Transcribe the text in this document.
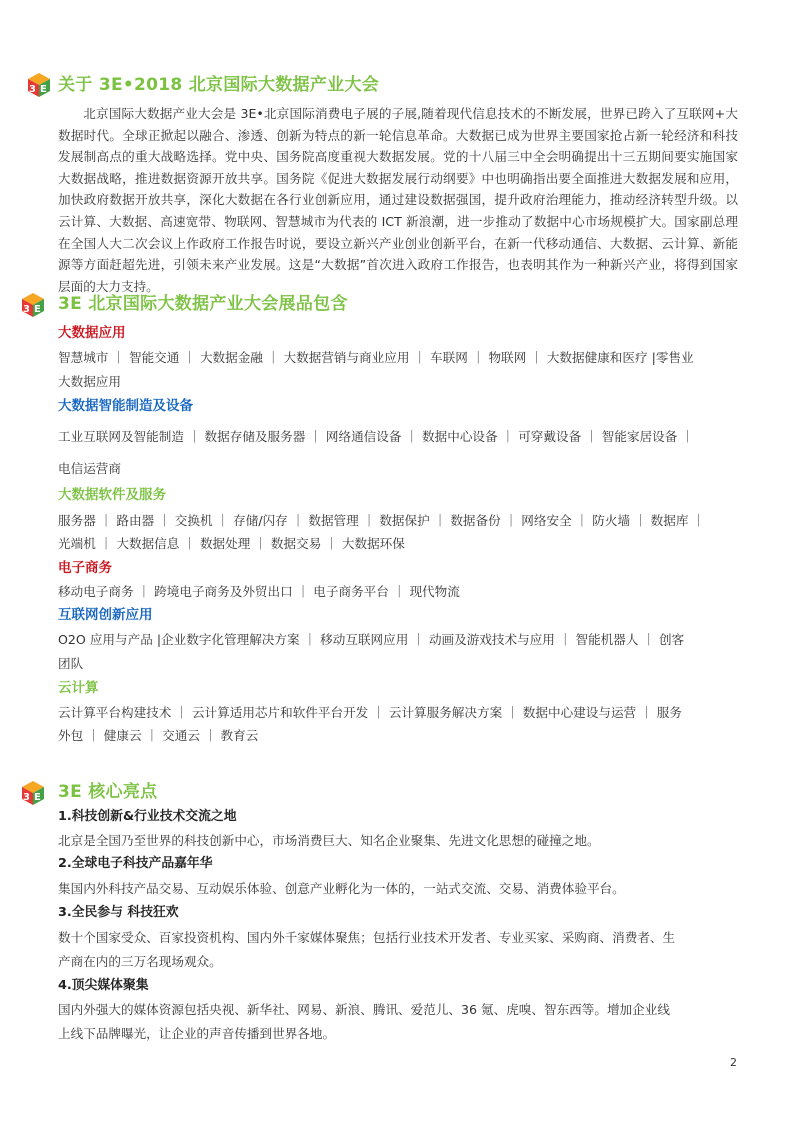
3 E 关于 3E•2018 北京国际大数据产业大会
北京国际大数据产业大会是 3E•北京国际消费电子展的子展,随着现代信息技术的不断发展，世界已跨入了互联网+大数据时代。全球正掀起以融合、渗透、创新为特点的新一轮信息革命。大数据已成为世界主要国家抢占新一轮经济和科技发展制高点的重大战略选择。党中央、国务院高度重视大数据发展。党的十八届三中全会明确提出十三五期间要实施国家大数据战略，推进数据资源开放共享。国务院《促进大数据发展行动纲要》中也明确指出要全面推进大数据发展和应用，加快政府数据开放共享，深化大数据在各行业创新应用，通过建设数据强国，提升政府治理能力，推动经济转型升级。以云计算、大数据、高速宽带、物联网、智慧城市为代表的 ICT 新浪潮，进一步推动了数据中心市场规模扩大。国家副总理在全国人大二次会议上作政府工作报告时说，要设立新兴产业创业创新平台，在新一代移动通信、大数据、云计算、新能源等方面赶超先进，引领未来产业发展。这是“大数据”首次进入政府工作报告，也表明其作为一种新兴产业，将得到国家层面的大力支持。
3 E 3E 北京国际大数据产业大会展品包含
大数据应用
智慧城市 ｜ 智能交通 ｜ 大数据金融 ｜ 大数据营销与商业应用 ｜ 车联网 ｜ 物联网 ｜ 大数据健康和医疗 |零售业
大数据应用
大数据智能制造及设备
工业互联网及智能制造 ｜ 数据存储及服务器 ｜ 网络通信设备 ｜ 数据中心设备 ｜ 可穿戴设备 ｜ 智能家居设备 ｜
电信运营商
大数据软件及服务
服务器 ｜ 路由器 ｜ 交换机 ｜ 存储/闪存 ｜ 数据管理 ｜ 数据保护 ｜ 数据备份 ｜ 网络安全 ｜ 防火墙 ｜ 数据库 ｜
光端机 ｜ 大数据信息 ｜ 数据处理 ｜ 数据交易 ｜ 大数据环保
电子商务
移动电子商务 ｜ 跨境电子商务及外贸出口 ｜ 电子商务平台 ｜ 现代物流
互联网创新应用
O2O 应用与产品 |企业数字化管理解决方案 ｜ 移动互联网应用 ｜ 动画及游戏技术与应用 ｜ 智能机器人 ｜ 创客
团队
云计算
云计算平台构建技术 ｜ 云计算适用芯片和软件平台开发 ｜ 云计算服务解决方案 ｜ 数据中心建设与运营 ｜ 服务
外包 ｜ 健康云 ｜ 交通云 ｜ 教育云
3 E 3E 核心亮点
1.科技创新&行业技术交流之地
北京是全国乃至世界的科技创新中心，市场消费巨大、知名企业聚集、先进文化思想的碰撞之地。
2.全球电子科技产品嘉年华
集国内外科技产品交易、互动娱乐体验、创意产业孵化为一体的，一站式交流、交易、消费体验平台。
3.全民参与 科技狂欢
数十个国家受众、百家投资机构、国内外千家媒体聚焦；包括行业技术开发者、专业买家、采购商、消费者、生
产商在内的三万名现场观众。
4.顶尖媒体聚集
国内外强大的媒体资源包括央视、新华社、网易、新浪、腾讯、爱范儿、36 氪、虎嗅、智东西等。增加企业线
上线下品牌曝光，让企业的声音传播到世界各地。
2
